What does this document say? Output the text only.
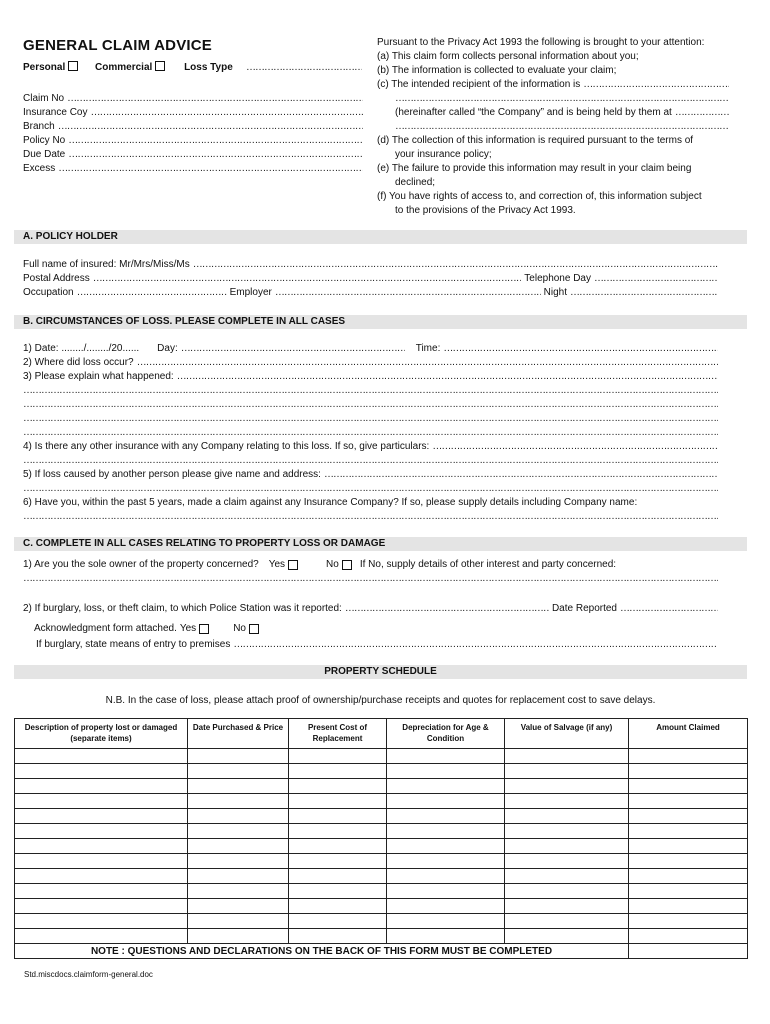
GENERAL CLAIM ADVICE
Personal	Commercial	Loss Type
…………………………………………………………………………………………………………………………………………………………………………………………………………………………………………………………………………
Claim No
…………………………………………………………………………………………………………………………………………………………………………………………………………………………………………………………………………
Insurance Coy
…………………………………………………………………………………………………………………………………………………………………………………………………………………………………………………………………………
Branch
…………………………………………………………………………………………………………………………………………………………………………………………………………………………………………………………………………
Policy No
…………………………………………………………………………………………………………………………………………………………………………………………………………………………………………………………………………
Due Date
…………………………………………………………………………………………………………………………………………………………………………………………………………………………………………………………………………
Excess
…………………………………………………………………………………………………………………………………………………………………………………………………………………………………………………………………………
Pursuant to the Privacy Act 1993 the following is brought to your attention:
(a) This claim form collects personal information about you;
(b) The information is collected to evaluate your claim;
(c) The intended recipient of the information is
…………………………………………………………………………………………………………………………………………………………………………………………………………………………………………………………………………
…………………………………………………………………………………………………………………………………………………………………………………………………………………………………………………………………………
(hereinafter called “the Company” and is being held by them at
…………………………………………………………………………………………………………………………………………………………………………………………………………………………………………………………………………
…………………………………………………………………………………………………………………………………………………………………………………………………………………………………………………………………………
(d) The collection of this information is required pursuant to the terms of
your insurance policy;
(e) The failure to provide this information may result in your claim being
declined;
(f) You have rights of access to, and correction of, this information subject
to the provisions of the Privacy Act 1993.
A. POLICY HOLDER
Full name of insured: Mr/Mrs/Miss/Ms
…………………………………………………………………………………………………………………………………………………………………………………………………………………………………………………………………………
Postal Address …………………………………………………………………………………………………………………………………………………………………………………………………………………………………………………………………………	Telephone Day
…………………………………………………………………………………………………………………………………………………………………………………………………………………………………………………………………………
Occupation …………………………………………………………………………………………………………………………………………………………………………………………………………………………………………………………………………	Employer …………………………………………………………………………………………………………………………………………………………………………………………………………………………………………………………………………	Night
…………………………………………………………………………………………………………………………………………………………………………………………………………………………………………………………………………
B. CIRCUMSTANCES OF LOSS. PLEASE COMPLETE IN ALL CASES
1) Date: ......../......../20...... Day: …………………………………………………………………………………………………………………………………………………………………………………………………………………………………………………………………………	Time:
…………………………………………………………………………………………………………………………………………………………………………………………………………………………………………………………………………
2) Where did loss occur?
…………………………………………………………………………………………………………………………………………………………………………………………………………………………………………………………………………
3) Please explain what happened:
…………………………………………………………………………………………………………………………………………………………………………………………………………………………………………………………………………
…………………………………………………………………………………………………………………………………………………………………………………………………………………………………………………………………………
…………………………………………………………………………………………………………………………………………………………………………………………………………………………………………………………………………
…………………………………………………………………………………………………………………………………………………………………………………………………………………………………………………………………………
…………………………………………………………………………………………………………………………………………………………………………………………………………………………………………………………………………
4) Is there any other insurance with any Company relating to this loss. If so, give particulars:
…………………………………………………………………………………………………………………………………………………………………………………………………………………………………………………………………………
…………………………………………………………………………………………………………………………………………………………………………………………………………………………………………………………………………
5) If loss caused by another person please give name and address:
…………………………………………………………………………………………………………………………………………………………………………………………………………………………………………………………………………
…………………………………………………………………………………………………………………………………………………………………………………………………………………………………………………………………………
6) Have you, within the past 5 years, made a claim against any Insurance Company? If so, please supply details including Company name:
…………………………………………………………………………………………………………………………………………………………………………………………………………………………………………………………………………
C. COMPLETE IN ALL CASES RELATING TO PROPERTY LOSS OR DAMAGE
1) Are you the sole owner of the property concerned? Yes	No If No, supply details of other interest and party concerned:
…………………………………………………………………………………………………………………………………………………………………………………………………………………………………………………………………………
2) If burglary, loss, or theft claim, to which Police Station was it reported: …………………………………………………………………………………………………………………………………………………………………………………………………………………………………………………………………………	Date Reported
…………………………………………………………………………………………………………………………………………………………………………………………………………………………………………………………………………
Acknowledgment form attached. Yes	No
If burglary, state means of entry to premises
…………………………………………………………………………………………………………………………………………………………………………………………………………………………………………………………………………
PROPERTY SCHEDULE
N.B. In the case of loss, please attach proof of ownership/purchase receipts and quotes for replacement cost to save delays.
Description of property lost or damaged (separate items)	Date Purchased & Price	Present Cost of Replacement	Depreciation for Age & Condition	Value of Salvage (if any)	Amount Claimed

NOTE : QUESTIONS AND DECLARATIONS ON THE BACK OF THIS FORM MUST BE COMPLETED					
Std.miscdocs.claimform-general.doc
